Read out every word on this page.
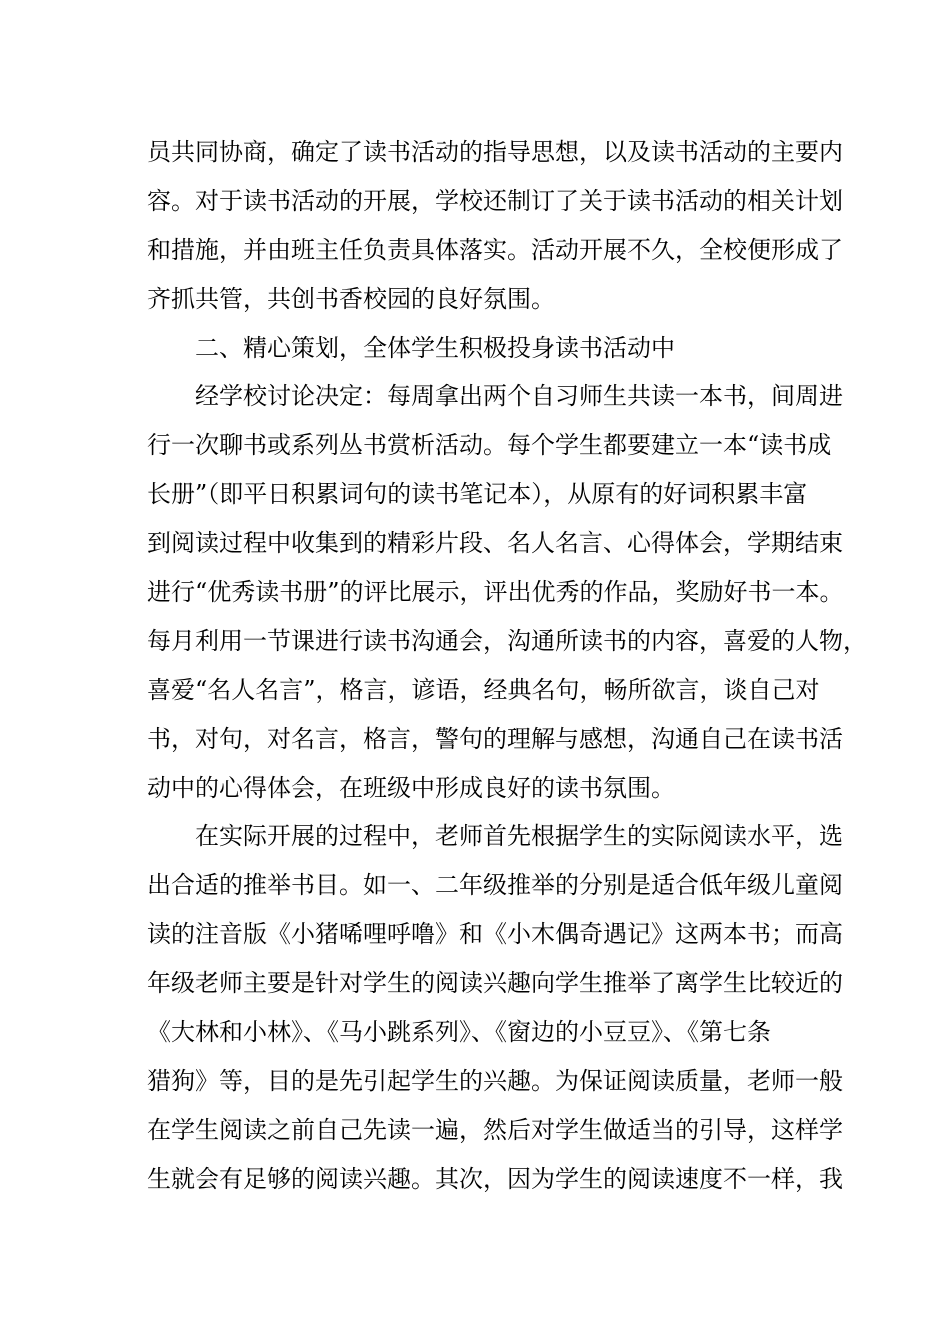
员共同协商，确定了读书活动的指导思想，以及读书活动的主要内
容。对于读书活动的开展，学校还制订了关于读书活动的相关计划
和措施，并由班主任负责具体落实。活动开展不久，全校便形成了
齐抓共管，共创书香校园的良好氛围。
二、精心策划，全体学生积极投身读书活动中
经学校讨论决定：每周拿出两个自习师生共读一本书，间周进
行一次聊书或系列丛书赏析活动。每个学生都要建立一本“读书成
长册”（即平日积累词句的读书笔记本），从原有的好词积累丰富
到阅读过程中收集到的精彩片段、名人名言、心得体会，学期结束
进行“优秀读书册”的评比展示，评出优秀的作品，奖励好书一本。
每月利用一节课进行读书沟通会，沟通所读书的内容，喜爱的人物，
喜爱“名人名言”，格言，谚语，经典名句，畅所欲言，谈自己对
书，对句，对名言，格言，警句的理解与感想，沟通自己在读书活
动中的心得体会，在班级中形成良好的读书氛围。
在实际开展的过程中，老师首先根据学生的实际阅读水平，选
出合适的推举书目。如一、二年级推举的分别是适合低年级儿童阅
读的注音版《小猪唏哩呼噜》和《小木偶奇遇记》这两本书；而高
年级老师主要是针对学生的阅读兴趣向学生推举了离学生比较近的
《大林和小林》、《马小跳系列》、《窗边的小豆豆》、《第七条
猎狗》等，目的是先引起学生的兴趣。为保证阅读质量，老师一般
在学生阅读之前自己先读一遍，然后对学生做适当的引导，这样学
生就会有足够的阅读兴趣。其次，因为学生的阅读速度不一样，我
